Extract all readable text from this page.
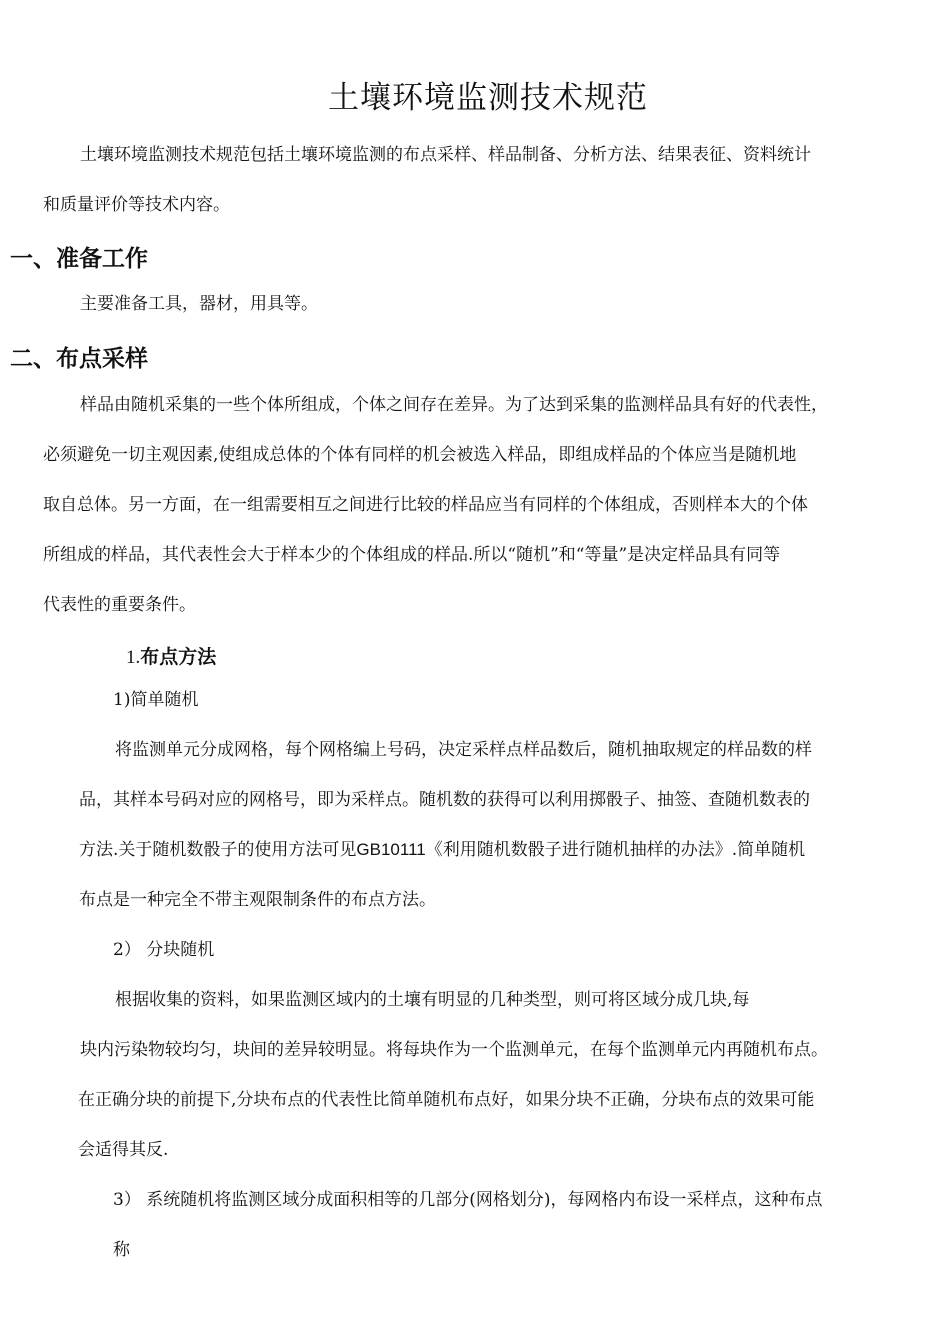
土壤环境监测技术规范
土壤环境监测技术规范包括土壤环境监测的布点采样、样品制备、分析方法、结果表征、资料统计
和质量评价等技术内容。
一、准备工作
主要准备工具，器材，用具等。
二、布点采样
样品由随机采集的一些个体所组成，个体之间存在差异。为了达到采集的监测样品具有好的代表性，
必须避免一切主观因素,使组成总体的个体有同样的机会被选入样品，即组成样品的个体应当是随机地
取自总体。另一方面，在一组需要相互之间进行比较的样品应当有同样的个体组成，否则样本大的个体
所组成的样品，其代表性会大于样本少的个体组成的样品.所以“随机”和“等量”是决定样品具有同等
代表性的重要条件。
1.布点方法
1)简单随机
将监测单元分成网格，每个网格编上号码，决定采样点样品数后，随机抽取规定的样品数的样
品，其样本号码对应的网格号，即为采样点。随机数的获得可以利用掷骰子、抽签、查随机数表的
方法.关于随机数骰子的使用方法可见GB10111《利用随机数骰子进行随机抽样的办法》.简单随机
布点是一种完全不带主观限制条件的布点方法。
2） 分块随机
根据收集的资料，如果监测区域内的土壤有明显的几种类型，则可将区域分成几块,每
块内污染物较均匀，块间的差异较明显。将每块作为一个监测单元，在每个监测单元内再随机布点。
在正确分块的前提下,分块布点的代表性比简单随机布点好，如果分块不正确，分块布点的效果可能
会适得其反.
3） 系统随机将监测区域分成面积相等的几部分(网格划分)，每网格内布设一采样点，这种布点
称
